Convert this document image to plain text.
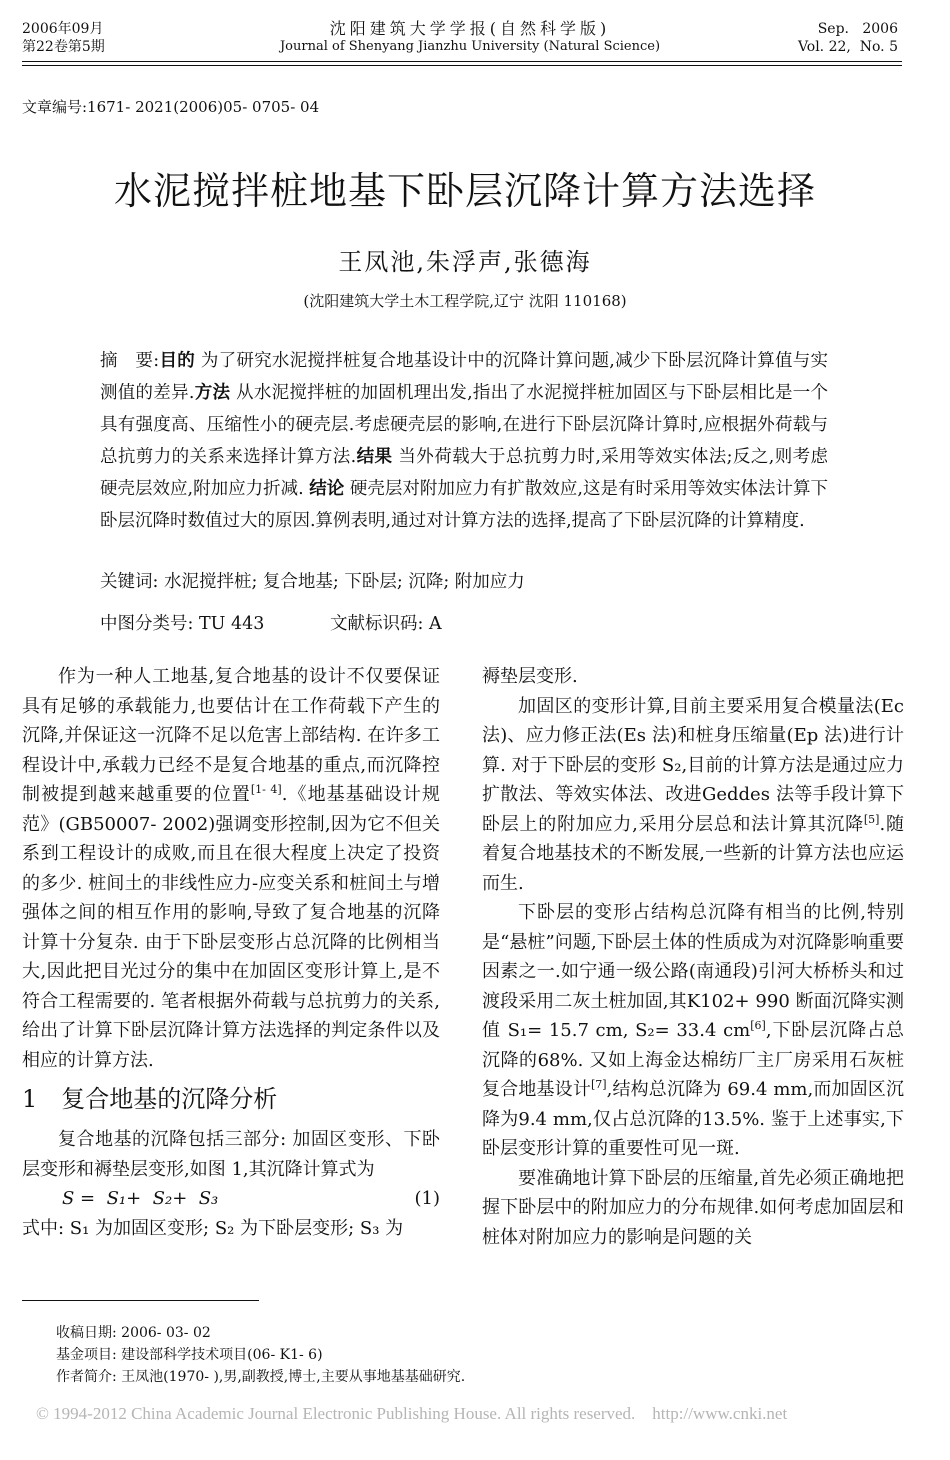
2006年09月
第22卷第5期
沈阳建筑大学学报(自然科学版)
Journal of Shenyang Jianzhu University (Natural Science)
Sep.   2006
Vol. 22,  No. 5
文章编号:1671- 2021(2006)05- 0705- 04
水泥搅拌桩地基下卧层沉降计算方法选择
王凤池,朱浮声,张德海
(沈阳建筑大学土木工程学院,辽宁 沈阳 110168)
摘　要:目的 为了研究水泥搅拌桩复合地基设计中的沉降计算问题,减少下卧层沉降计算值与实测值的差异.方法 从水泥搅拌桩的加固机理出发,指出了水泥搅拌桩加固区与下卧层相比是一个具有强度高、压缩性小的硬壳层.考虑硬壳层的影响,在进行下卧层沉降计算时,应根据外荷载与总抗剪力的关系来选择计算方法.结果 当外荷载大于总抗剪力时,采用等效实体法;反之,则考虑硬壳层效应,附加应力折减. 结论 硬壳层对附加应力有扩散效应,这是有时采用等效实体法计算下卧层沉降时数值过大的原因.算例表明,通过对计算方法的选择,提高了下卧层沉降的计算精度.
关键词: 水泥搅拌桩; 复合地基; 下卧层; 沉降; 附加应力
中图分类号: TU 443	文献标识码: A

作为一种人工地基,复合地基的设计不仅要保证具有足够的承载能力,也要估计在工作荷载下产生的沉降,并保证这一沉降不足以危害上部结构. 在许多工程设计中,承载力已经不是复合地基的重点,而沉降控制被提到越来越重要的位置[1- 4].《地基基础设计规范》(GB50007- 2002)强调变形控制,因为它不但关系到工程设计的成败,而且在很大程度上决定了投资的多少. 桩间土的非线性应力-应变关系和桩间土与增强体之间的相互作用的影响,导致了复合地基的沉降计算十分复杂. 由于下卧层变形占总沉降的比例相当大,因此把目光过分的集中在加固区变形计算上,是不符合工程需要的. 笔者根据外荷载与总抗剪力的关系,给出了计算下卧层沉降计算方法选择的判定条件以及相应的计算方法.

1 复合地基的沉降分析

复合地基的沉降包括三部分: 加固区变形、下卧层变形和褥垫层变形,如图 1,其沉降计算式为

S =  S₁+  S₂+  S₃	(1)

式中: S₁ 为加固区变形; S₂ 为下卧层变形; S₃ 为

褥垫层变形.

加固区的变形计算,目前主要采用复合模量法(Ec 法)、应力修正法(Es 法)和桩身压缩量(Ep 法)进行计算. 对于下卧层的变形 S₂,目前的计算方法是通过应力扩散法、等效实体法、改进Geddes 法等手段计算下卧层上的附加应力,采用分层总和法计算其沉降[5].随着复合地基技术的不断发展,一些新的计算方法也应运而生.

下卧层的变形占结构总沉降有相当的比例,特别是“悬桩”问题,下卧层土体的性质成为对沉降影响重要因素之一.如宁通一级公路(南通段)引河大桥桥头和过渡段采用二灰土桩加固,其K102+ 990 断面沉降实测值 S₁= 15.7 cm, S₂= 33.4 cm[6],下卧层沉降占总沉降的68%. 又如上海金达棉纺厂主厂房采用石灰桩复合地基设计[7],结构总沉降为 69.4 mm,而加固区沉降为9.4 mm,仅占总沉降的13.5%. 鉴于上述事实,下卧层变形计算的重要性可见一斑.

要准确地计算下卧层的压缩量,首先必须正确地把握下卧层中的附加应力的分布规律.如何考虑加固层和桩体对附加应力的影响是问题的关

收稿日期: 2006- 03- 02
基金项目: 建设部科学技术项目(06- K1- 6)
作者简介: 王凤池(1970- ),男,副教授,博士,主要从事地基基础研究.
© 1994-2012 China Academic Journal Electronic Publishing House. All rights reserved.    http://www.cnki.net
